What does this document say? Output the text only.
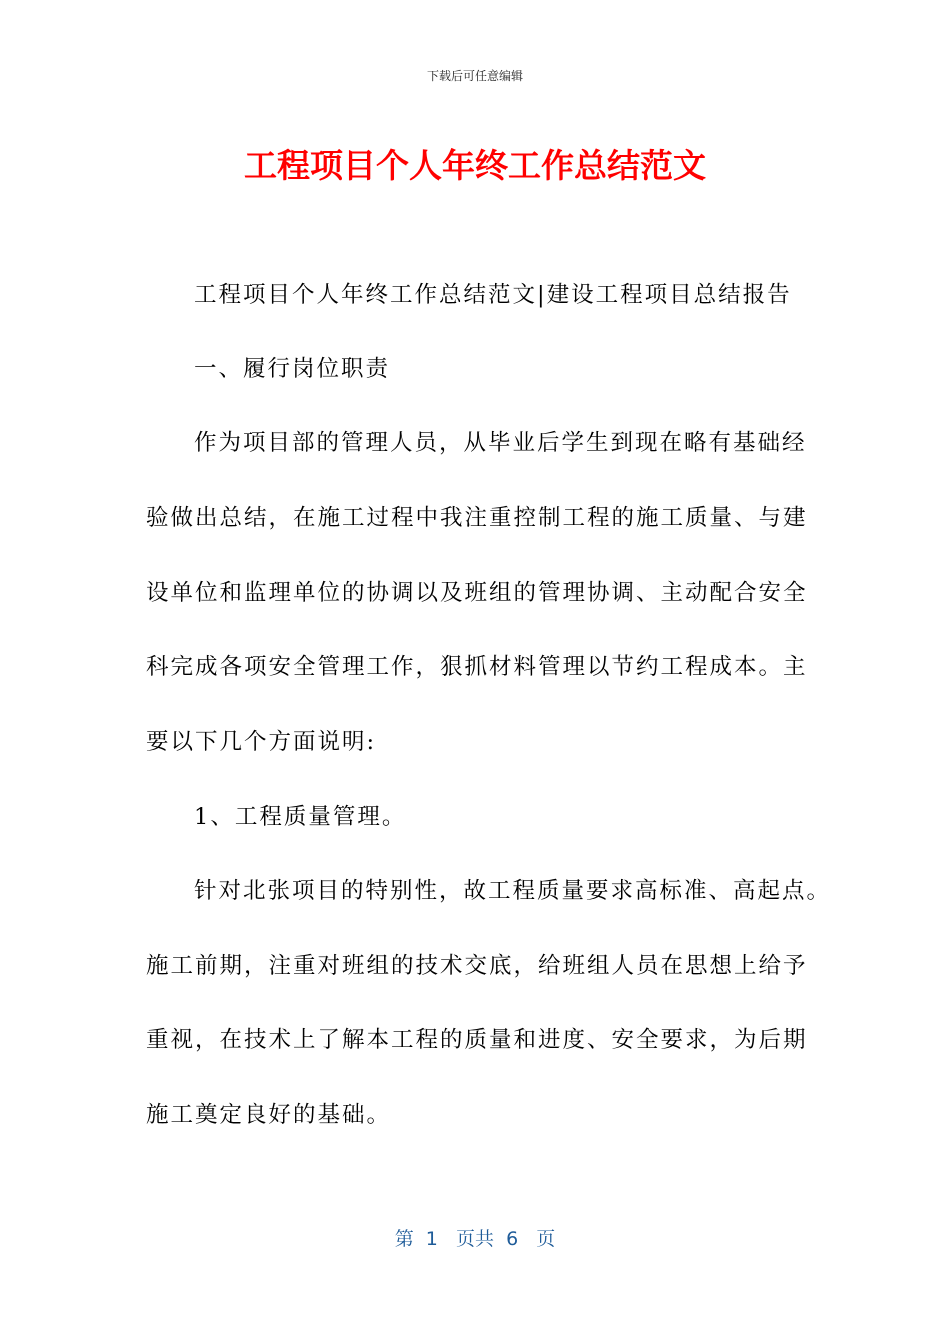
下载后可任意编辑
工程项目个人年终工作总结范文
工程项目个人年终工作总结范文|建设工程项目总结报告
一、履行岗位职责
作为项目部的管理人员，从毕业后学生到现在略有基础经
验做出总结，在施工过程中我注重控制工程的施工质量、与建
设单位和监理单位的协调以及班组的管理协调、主动配合安全
科完成各项安全管理工作，狠抓材料管理以节约工程成本。主
要以下几个方面说明:
1、工程质量管理。
针对北张项目的特别性，故工程质量要求高标准、高起点。
施工前期，注重对班组的技术交底，给班组人员在思想上给予
重视，在技术上了解本工程的质量和进度、安全要求，为后期
施工奠定良好的基础。
第  1   页共  6   页
